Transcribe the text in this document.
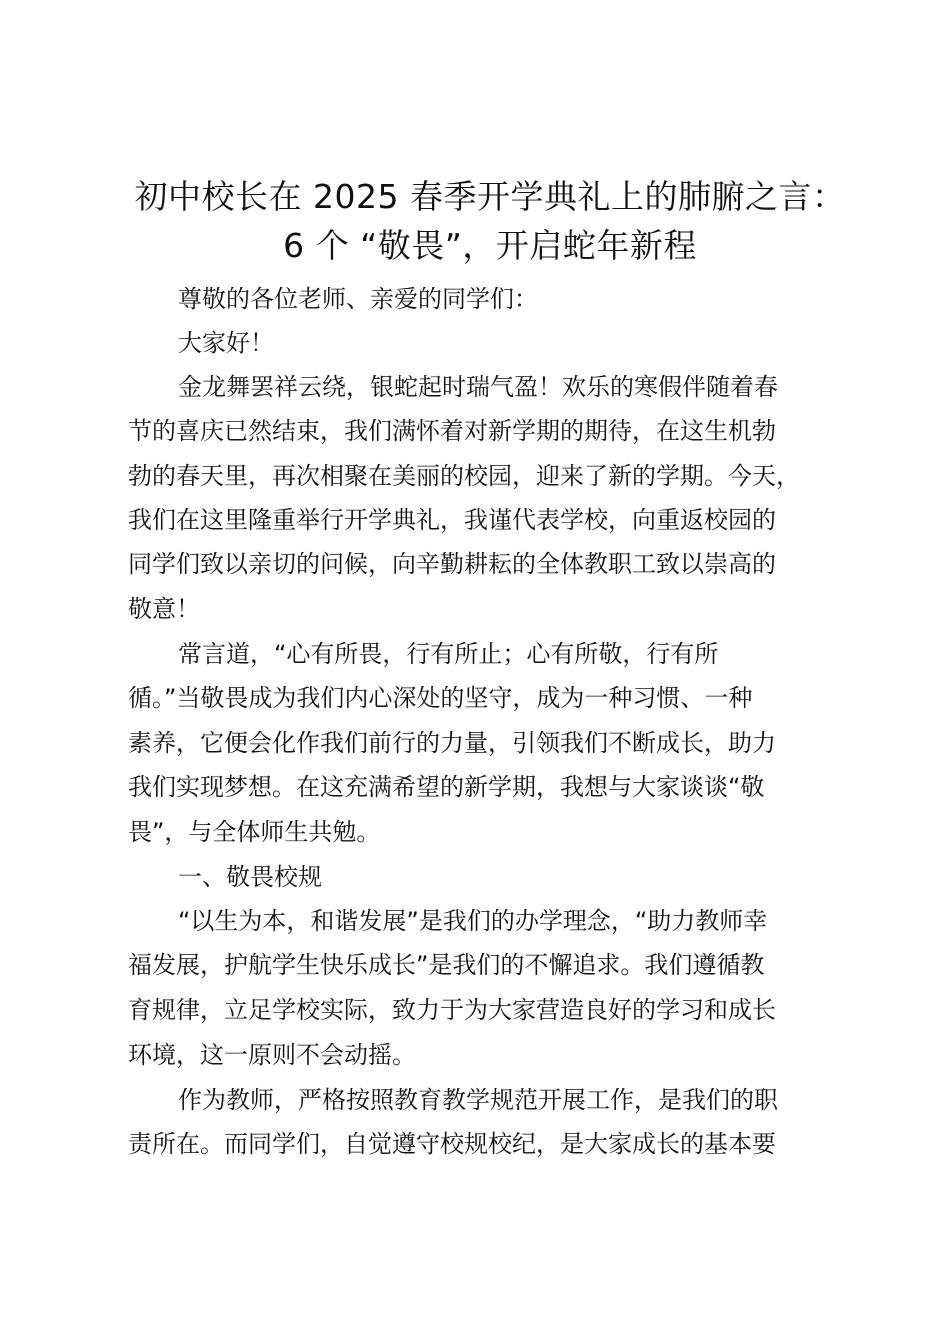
初中校长在 2025 春季开学典礼上的肺腑之言：
6 个 “敬畏”，开启蛇年新程
尊敬的各位老师、亲爱的同学们：
大家好！
金龙舞罢祥云绕，银蛇起时瑞气盈！欢乐的寒假伴随着春
节的喜庆已然结束，我们满怀着对新学期的期待，在这生机勃
勃的春天里，再次相聚在美丽的校园，迎来了新的学期。今天，
我们在这里隆重举行开学典礼，我谨代表学校，向重返校园的
同学们致以亲切的问候，向辛勤耕耘的全体教职工致以崇高的
敬意！
常言道，“心有所畏，行有所止；心有所敬，行有所
循。”当敬畏成为我们内心深处的坚守，成为一种习惯、一种
素养，它便会化作我们前行的力量，引领我们不断成长，助力
我们实现梦想。在这充满希望的新学期，我想与大家谈谈“敬
畏”，与全体师生共勉。
一、敬畏校规
“以生为本，和谐发展”是我们的办学理念，“助力教师幸
福发展，护航学生快乐成长”是我们的不懈追求。我们遵循教
育规律，立足学校实际，致力于为大家营造良好的学习和成长
环境，这一原则不会动摇。
作为教师，严格按照教育教学规范开展工作，是我们的职
责所在。而同学们，自觉遵守校规校纪，是大家成长的基本要
